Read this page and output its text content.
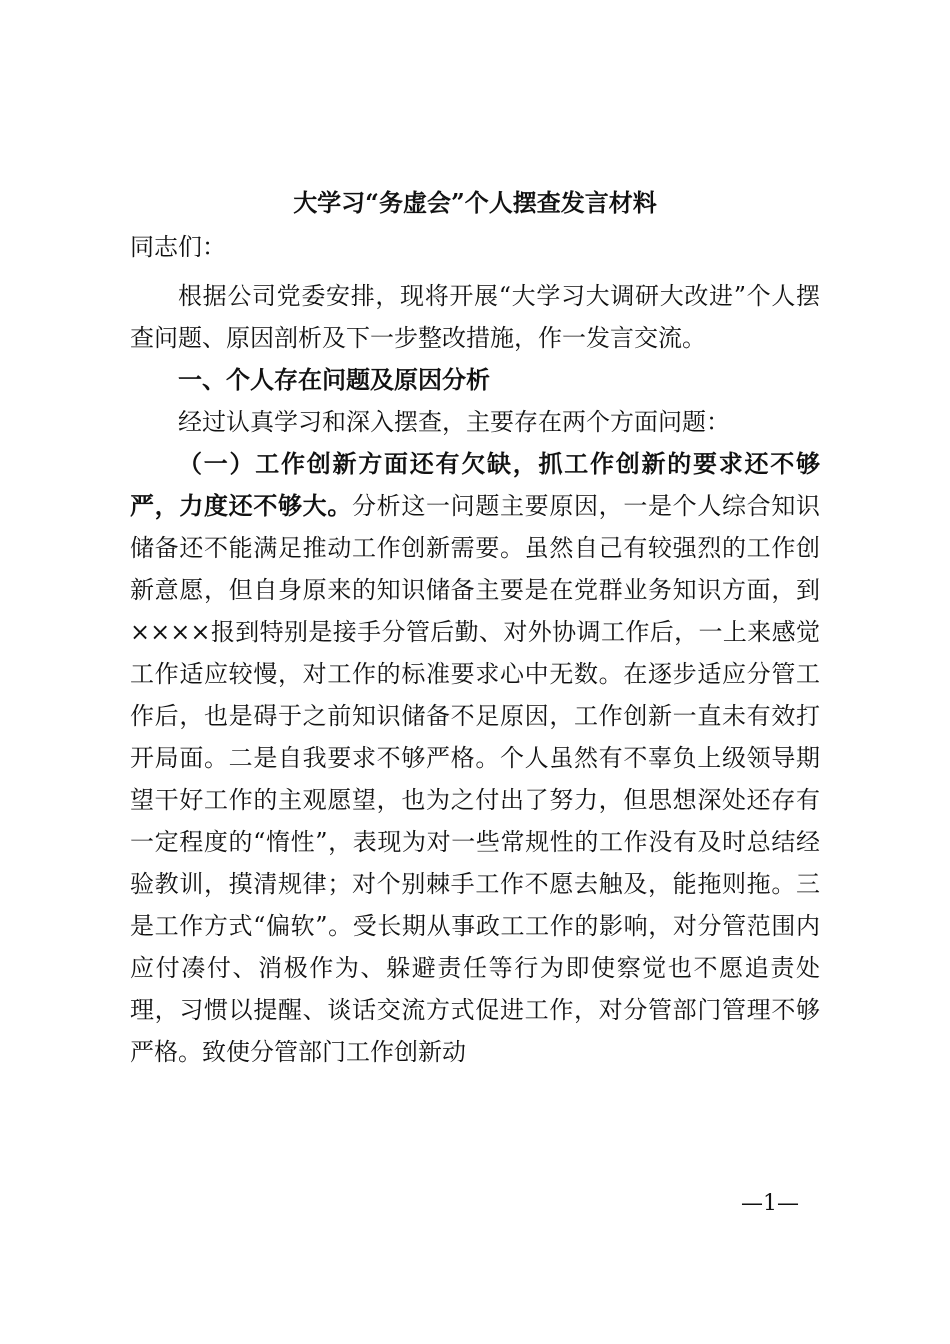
大学习“务虚会”个人摆查发言材料
同志们：

根据公司党委安排，现将开展“大学习大调研大改进”个人摆查问题、原因剖析及下一步整改措施，作一发言交流。

一、个人存在问题及原因分析

经过认真学习和深入摆查，主要存在两个方面问题：

（一）工作创新方面还有欠缺，抓工作创新的要求还不够严，力度还不够大。分析这一问题主要原因，一是个人综合知识储备还不能满足推动工作创新需要。虽然自己有较强烈的工作创新意愿，但自身原来的知识储备主要是在党群业务知识方面，到××××报到特别是接手分管后勤、对外协调工作后，一上来感觉工作适应较慢，对工作的标准要求心中无数。在逐步适应分管工作后，也是碍于之前知识储备不足原因，工作创新一直未有效打开局面。二是自我要求不够严格。个人虽然有不辜负上级领导期望干好工作的主观愿望，也为之付出了努力，但思想深处还存有一定程度的“惰性”，表现为对一些常规性的工作没有及时总结经验教训，摸清规律；对个别棘手工作不愿去触及，能拖则拖。三是工作方式“偏软”。受长期从事政工工作的影响，对分管范围内应付凑付、消极作为、躲避责任等行为即使察觉也不愿追责处理，习惯以提醒、谈话交流方式促进工作，对分管部门管理不够严格。致使分管部门工作创新动

—1—
